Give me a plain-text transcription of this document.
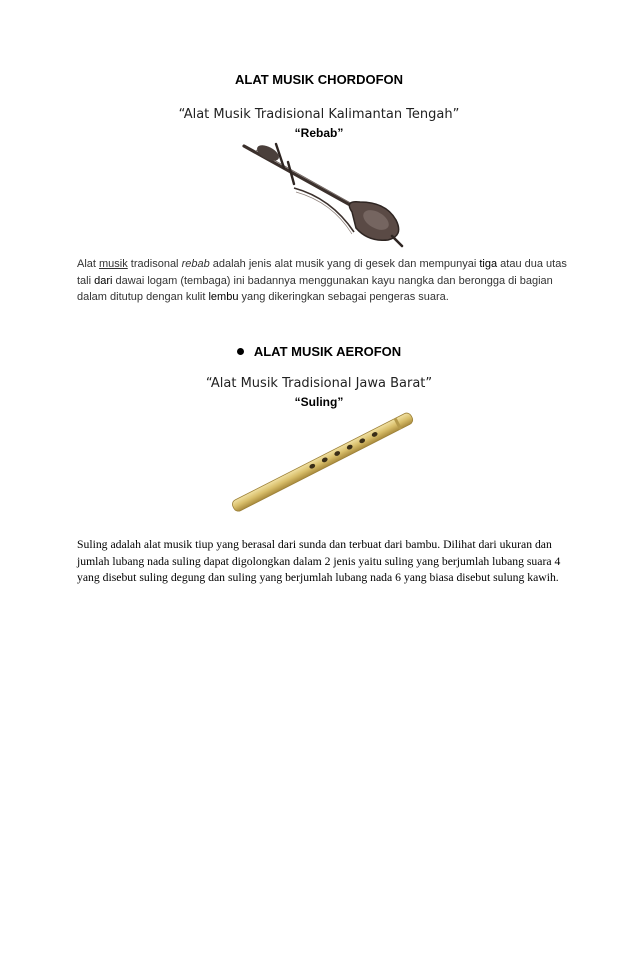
ALAT MUSIK CHORDOFON
“Alat Musik Tradisional Kalimantan Tengah”
“Rebab”
Alat musik tradisonal rebab adalah jenis alat musik yang di gesek dan mempunyai tiga atau dua utas tali dari dawai logam (tembaga) ini badannya menggunakan kayu nangka dan berongga di bagian dalam ditutup dengan kulit lembu yang dikeringkan sebagai pengeras suara.
ALAT MUSIK AEROFON
“Alat Musik Tradisional Jawa Barat”
“Suling”
Suling adalah alat musik tiup yang berasal dari sunda dan terbuat dari bambu. Dilihat dari ukuran dan jumlah lubang nada suling dapat digolongkan dalam 2 jenis yaitu suling yang berjumlah lubang suara 4 yang disebut suling degung dan suling yang berjumlah lubang nada 6 yang biasa disebut sulung kawih.
